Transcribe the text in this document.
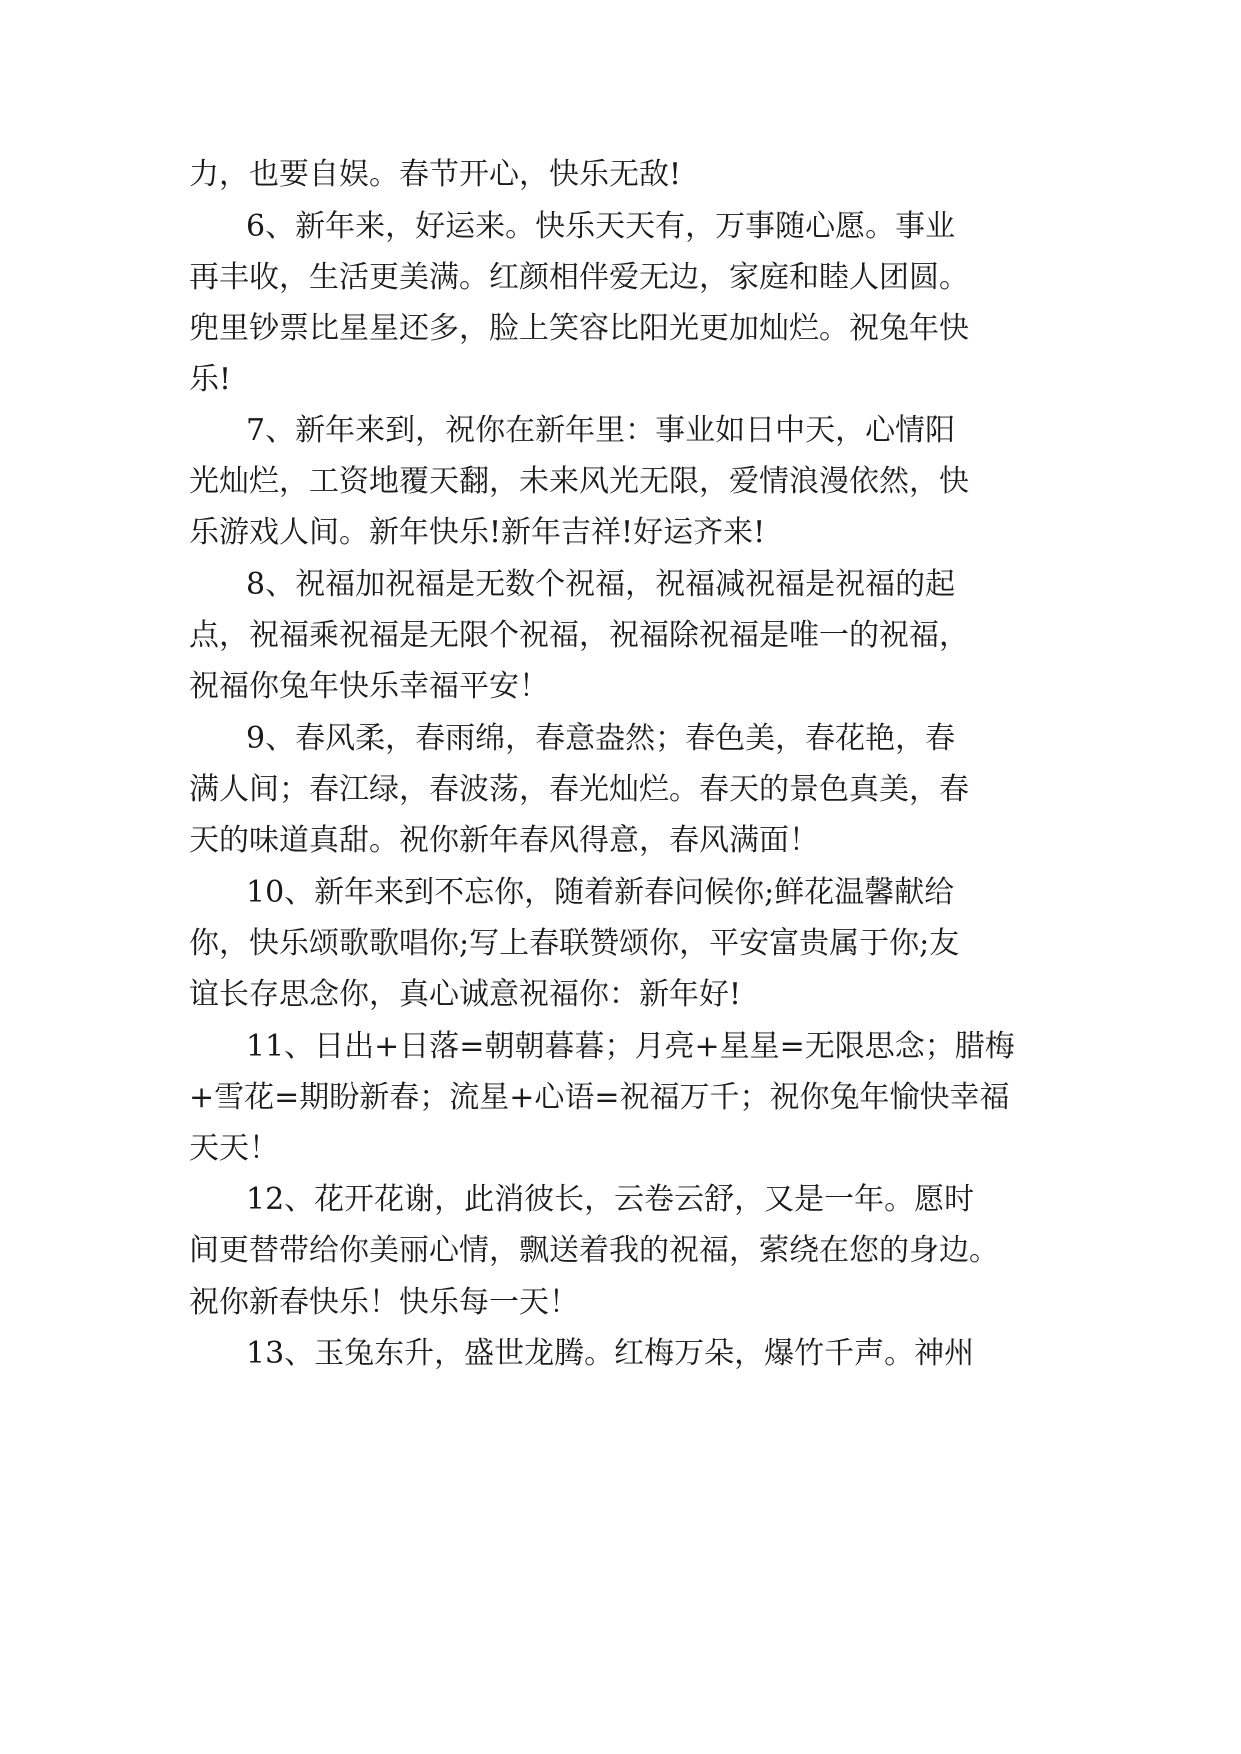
力，也要自娱。春节开心，快乐无敌!
6、新年来，好运来。快乐天天有，万事随心愿。事业
再丰收，生活更美满。红颜相伴爱无边，家庭和睦人团圆。
兜里钞票比星星还多，脸上笑容比阳光更加灿烂。祝兔年快
乐!
7、新年来到，祝你在新年里：事业如日中天，心情阳
光灿烂，工资地覆天翻，未来风光无限，爱情浪漫依然，快
乐游戏人间。新年快乐!新年吉祥!好运齐来!
8、祝福加祝福是无数个祝福，祝福减祝福是祝福的起
点，祝福乘祝福是无限个祝福，祝福除祝福是唯一的祝福，
祝福你兔年快乐幸福平安！
9、春风柔，春雨绵，春意盎然；春色美，春花艳，春
满人间；春江绿，春波荡，春光灿烂。春天的景色真美，春
天的味道真甜。祝你新年春风得意，春风满面！
10、新年来到不忘你，随着新春问候你;鲜花温馨献给
你，快乐颂歌歌唱你;写上春联赞颂你，平安富贵属于你;友
谊长存思念你，真心诚意祝福你：新年好!
11、日出+日落=朝朝暮暮；月亮+星星=无限思念；腊梅
+雪花=期盼新春；流星+心语=祝福万千；祝你兔年愉快幸福
天天！
12、花开花谢，此消彼长，云卷云舒，又是一年。愿时
间更替带给你美丽心情，飘送着我的祝福，萦绕在您的身边。
祝你新春快乐！快乐每一天！
13、玉兔东升，盛世龙腾。红梅万朵，爆竹千声。神州
